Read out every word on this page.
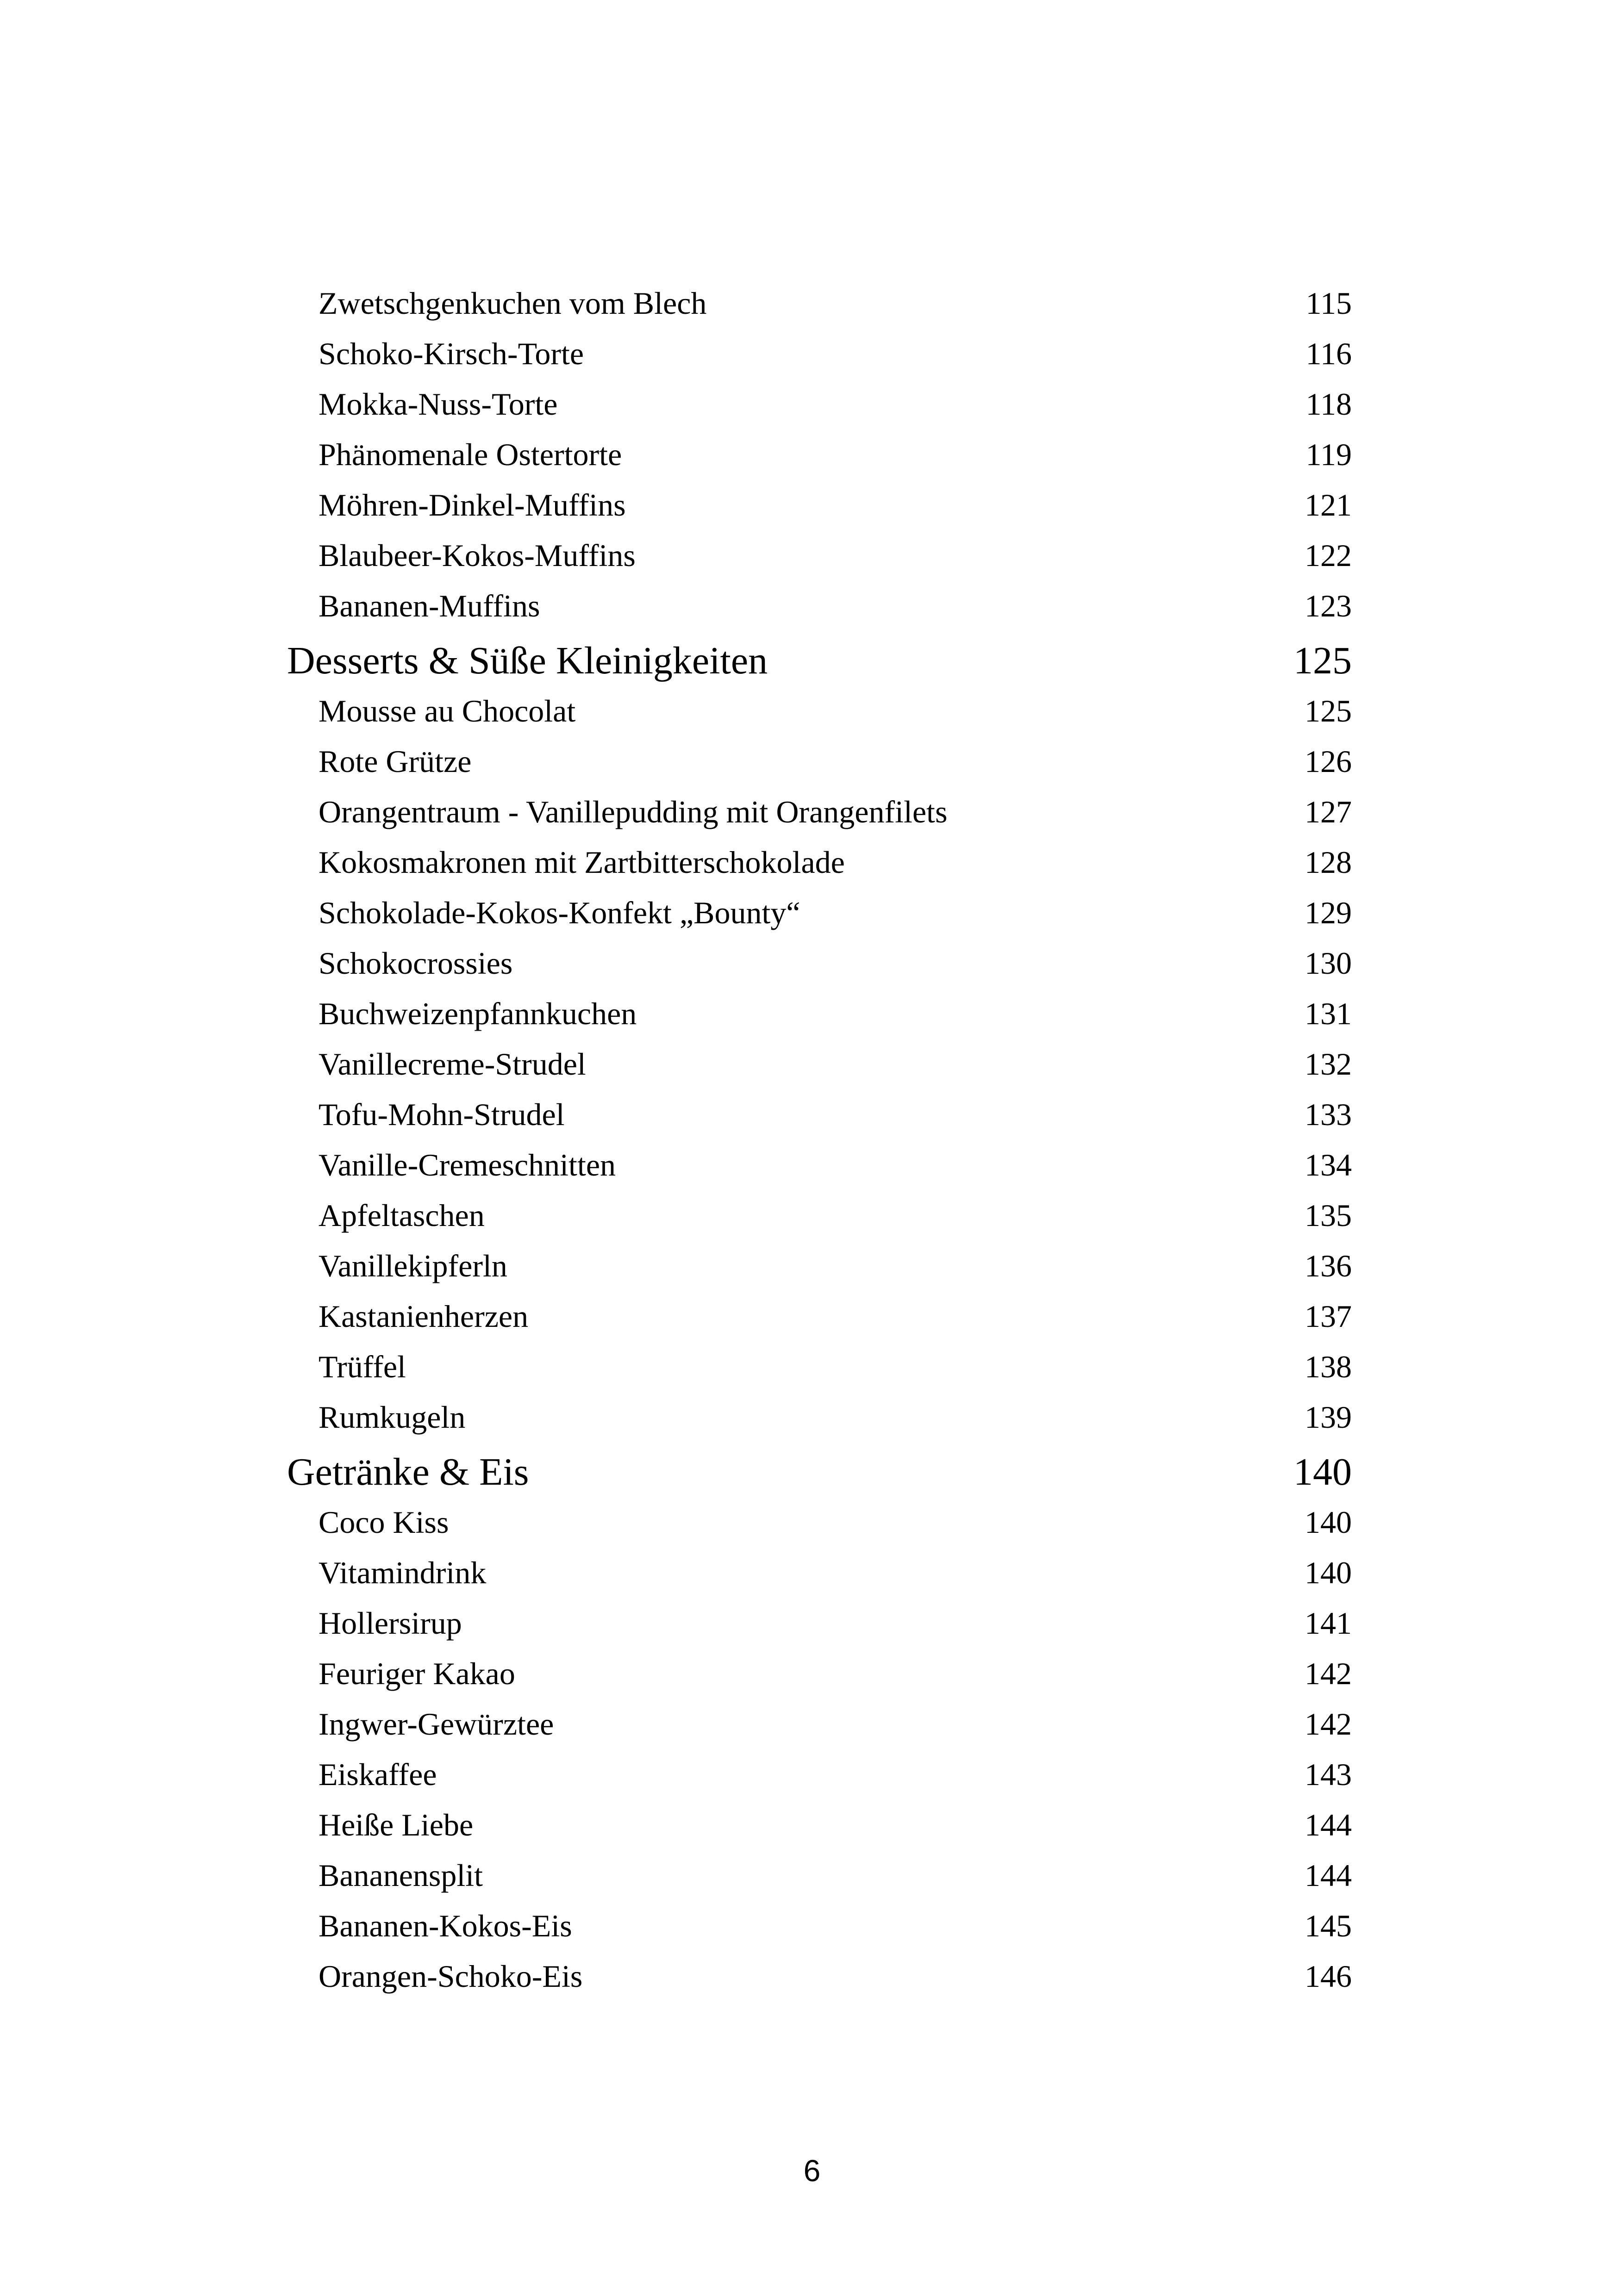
Zwetschgenkuchen vom Blech	115
Schoko-Kirsch-Torte	116
Mokka-Nuss-Torte	118
Phänomenale Ostertorte	119
Möhren-Dinkel-Muffins	121
Blaubeer-Kokos-Muffins	122
Bananen-Muffins	123
Desserts & Süße Kleinigkeiten	125
Mousse au Chocolat	125
Rote Grütze	126
Orangentraum - Vanillepudding mit Orangenfilets	127
Kokosmakronen mit Zartbitterschokolade	128
Schokolade-Kokos-Konfekt „Bounty“	129
Schokocrossies	130
Buchweizenpfannkuchen	131
Vanillecreme-Strudel	132
Tofu-Mohn-Strudel	133
Vanille-Cremeschnitten	134
Apfeltaschen	135
Vanillekipferln	136
Kastanienherzen	137
Trüffel	138
Rumkugeln	139
Getränke & Eis	140
Coco Kiss	140
Vitamindrink	140
Hollersirup	141
Feuriger Kakao	142
Ingwer-Gewürztee	142
Eiskaffee	143
Heiße Liebe	144
Bananensplit	144
Bananen-Kokos-Eis	145
Orangen-Schoko-Eis	146
6
